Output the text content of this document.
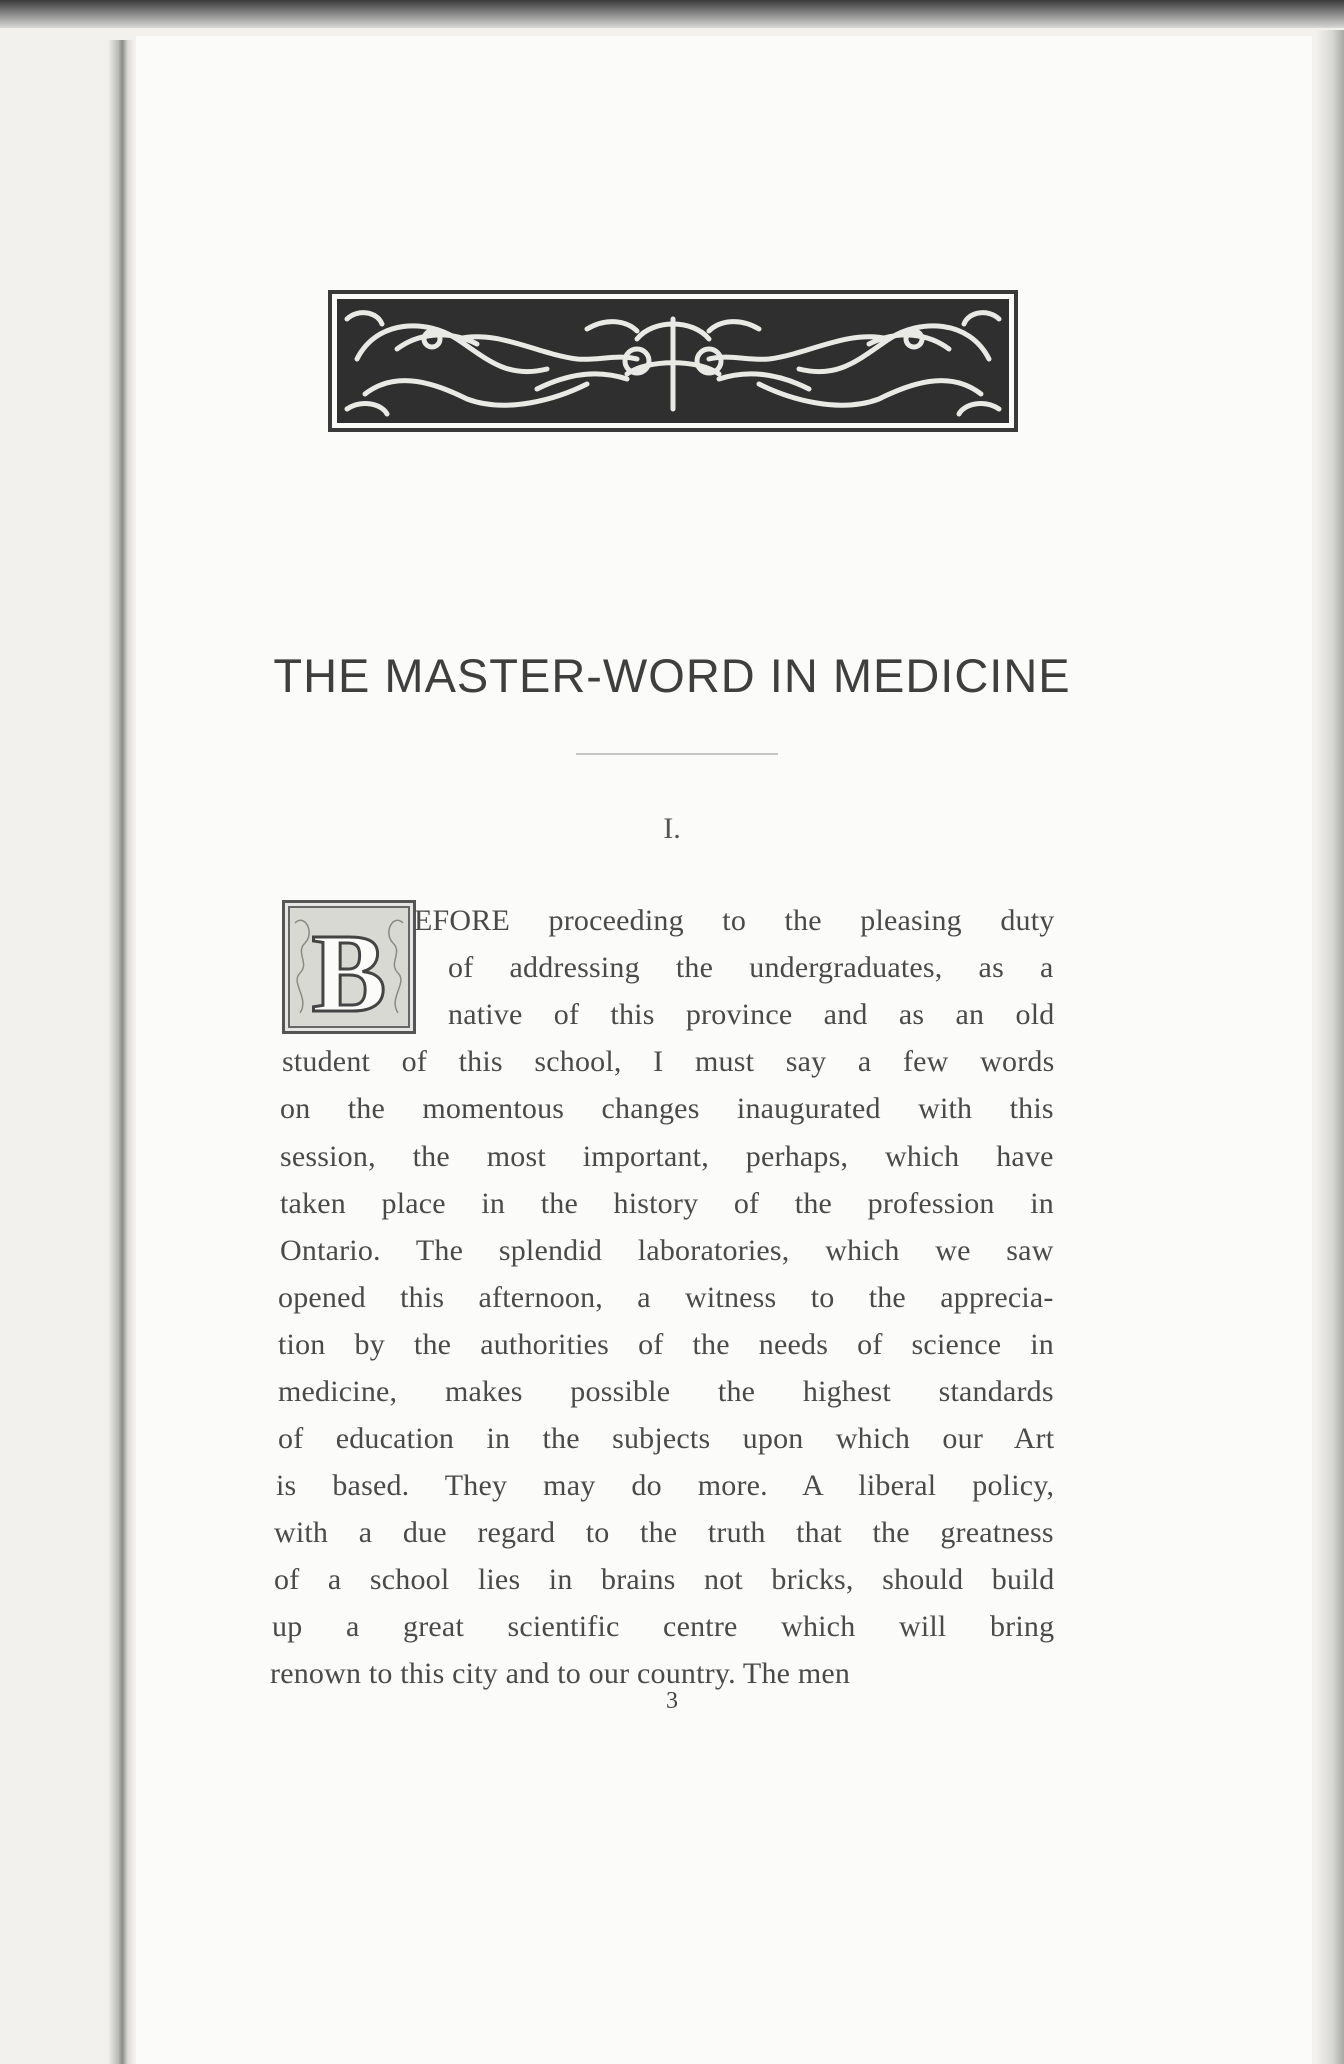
THE MASTER-WORD IN MEDICINE
I.
B EFORE proceeding to the pleasing duty
of addressing the undergraduates, as a
native of this province and as an old
student of this school, I must say a few words
on the momentous changes inaugurated with this
session, the most important, perhaps, which have
taken place in the history of the profession in
Ontario. The splendid laboratories, which we saw
opened this afternoon, a witness to the apprecia-
tion by the authorities of the needs of science in
medicine, makes possible the highest standards
of education in the subjects upon which our Art
is based. They may do more. A liberal policy,
with a due regard to the truth that the greatness
of a school lies in brains not bricks, should build
up a great scientific centre which will bring
renown to this city and to our country. The men
3
